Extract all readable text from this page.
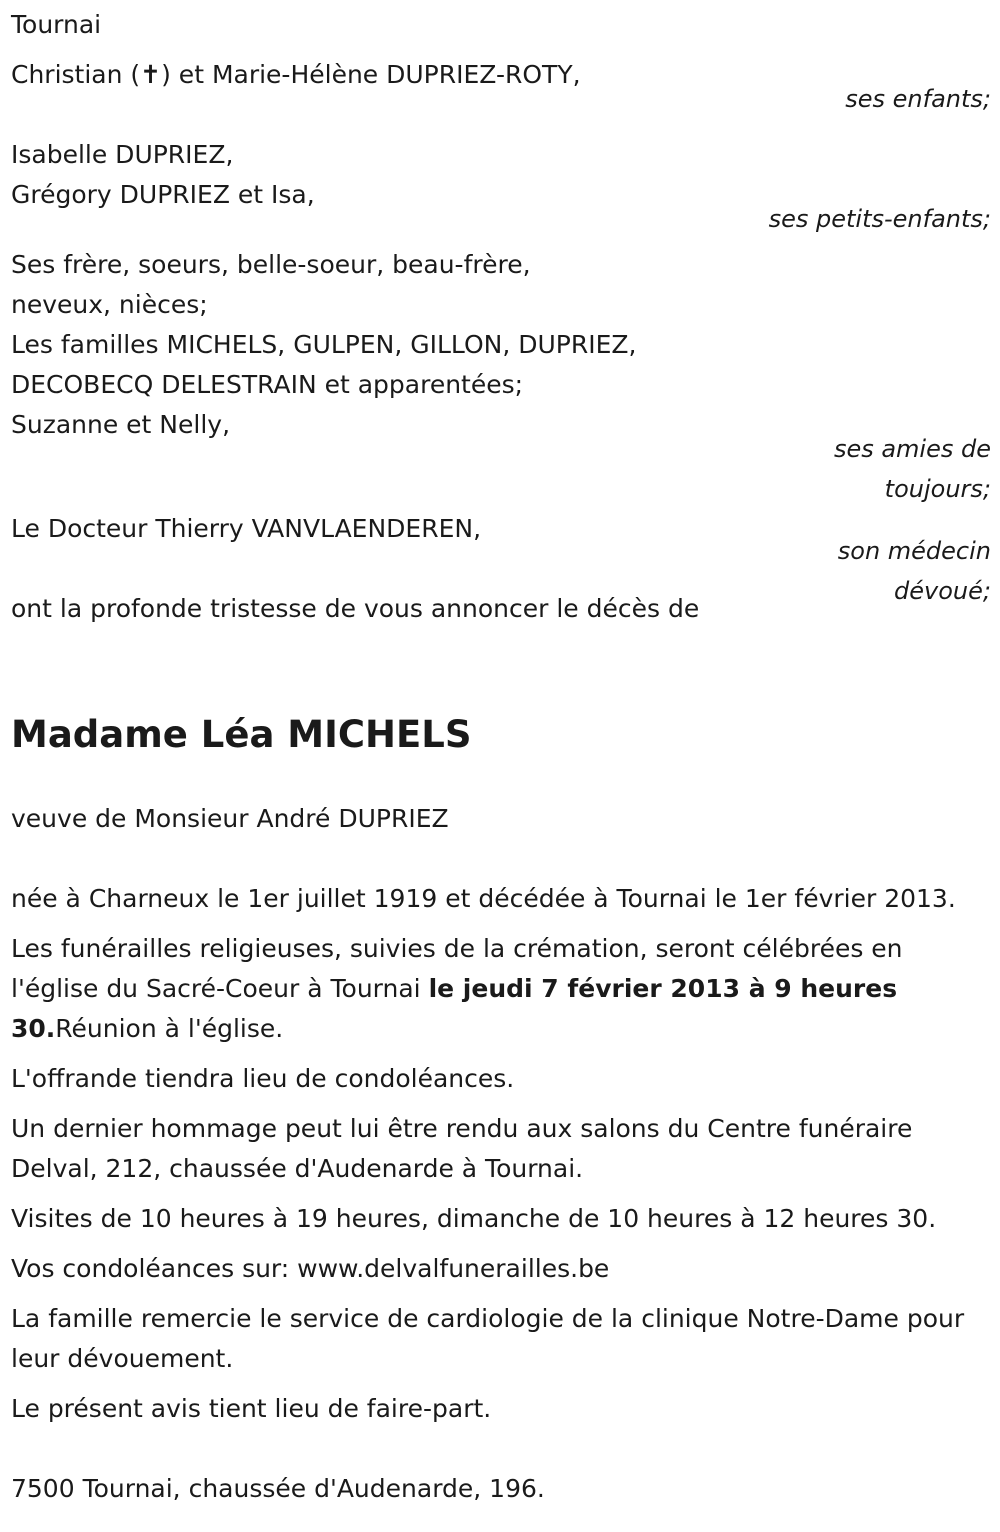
Tournai
Christian (✝) et Marie-Hélène DUPRIEZ-ROTY,
ses enfants;
Isabelle DUPRIEZ,
Grégory DUPRIEZ et Isa,
ses petits-enfants;
Ses frère, soeurs, belle-soeur, beau-frère,
neveux, nièces;
Les familles MICHELS, GULPEN, GILLON, DUPRIEZ,
DECOBECQ DELESTRAIN et apparentées;
Suzanne et Nelly,
ses amies de
toujours;
Le Docteur Thierry VANVLAENDEREN,
son médecin
dévoué;
ont la profonde tristesse de vous annoncer le décès de
Madame Léa MICHELS
veuve de Monsieur André DUPRIEZ
née à Charneux le 1er juillet 1919 et décédée à Tournai le 1er février 2013.
Les funérailles religieuses, suivies de la crémation, seront célébrées en l'église du Sacré-Coeur à Tournai le jeudi 7 février 2013 à 9 heures 30.Réunion à l'église.
L'offrande tiendra lieu de condoléances.
Un dernier hommage peut lui être rendu aux salons du Centre funéraire Delval, 212, chaussée d'Audenarde à Tournai.
Visites de 10 heures à 19 heures, dimanche de 10 heures à 12 heures 30.
Vos condoléances sur: www.delvalfunerailles.be
La famille remercie le service de cardiologie de la clinique Notre-Dame pour leur dévouement.
Le présent avis tient lieu de faire-part.
7500 Tournai, chaussée d'Audenarde, 196.
